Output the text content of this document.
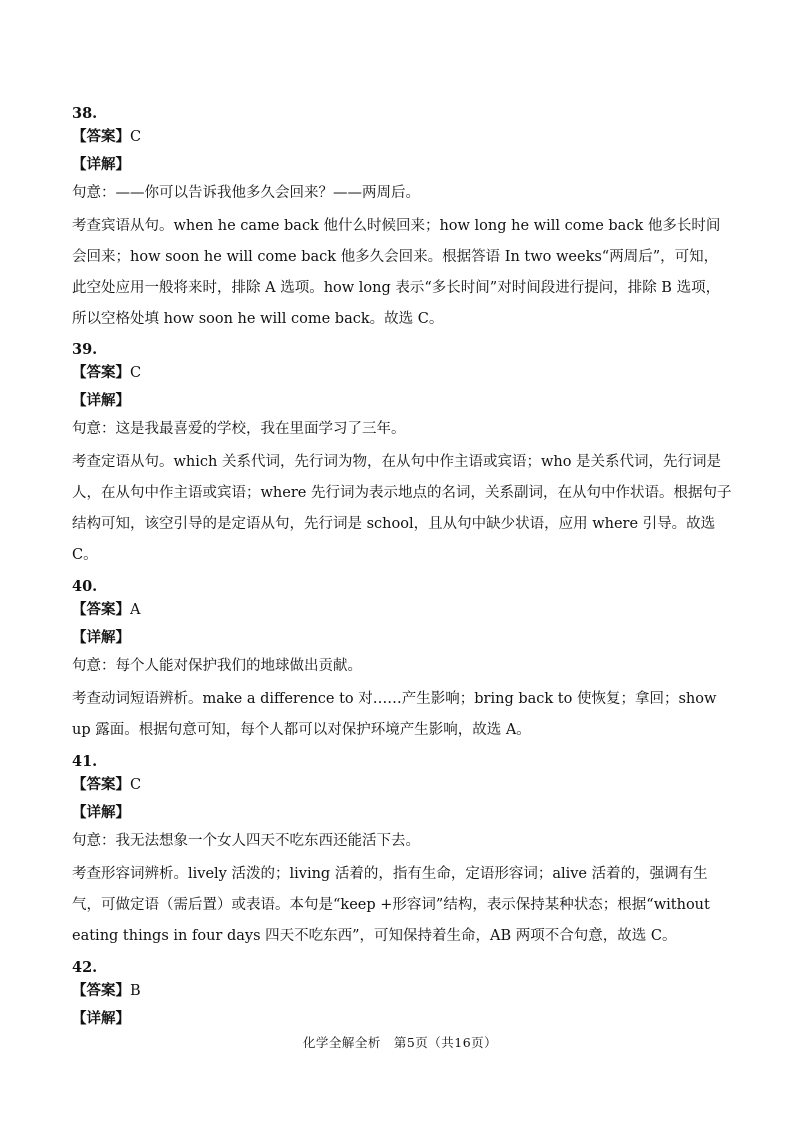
38.

【答案】C

【详解】

句意：——你可以告诉我他多久会回来？——两周后。

考查宾语从句。when he came back 他什么时候回来；how long he will come back 他多长时间会回来；how soon he will come back 他多久会回来。根据答语 In two weeks“两周后”，可知，此空处应用一般将来时，排除 A 选项。how long 表示“多长时间”对时间段进行提问，排除 B 选项，所以空格处填 how soon he will come back。故选 C。

39.

【答案】C

【详解】

句意：这是我最喜爱的学校，我在里面学习了三年。

考查定语从句。which 关系代词，先行词为物，在从句中作主语或宾语；who 是关系代词，先行词是人，在从句中作主语或宾语；where 先行词为表示地点的名词，关系副词，在从句中作状语。根据句子结构可知，该空引导的是定语从句，先行词是 school，且从句中缺少状语，应用 where 引导。故选 C。

40.

【答案】A

【详解】

句意：每个人能对保护我们的地球做出贡献。

考查动词短语辨析。make a difference to 对……产生影响；bring back to 使恢复；拿回；show up 露面。根据句意可知，每个人都可以对保护环境产生影响，故选 A。

41.

【答案】C

【详解】

句意：我无法想象一个女人四天不吃东西还能活下去。

考查形容词辨析。lively 活泼的；living 活着的，指有生命，定语形容词；alive 活着的，强调有生气，可做定语（需后置）或表语。本句是“keep +形容词”结构，表示保持某种状态；根据“without eating things in four days 四天不吃东西”，可知保持着生命，AB 两项不合句意，故选 C。

42.

【答案】B

【详解】

化学全解全析　第5页（共16页）
